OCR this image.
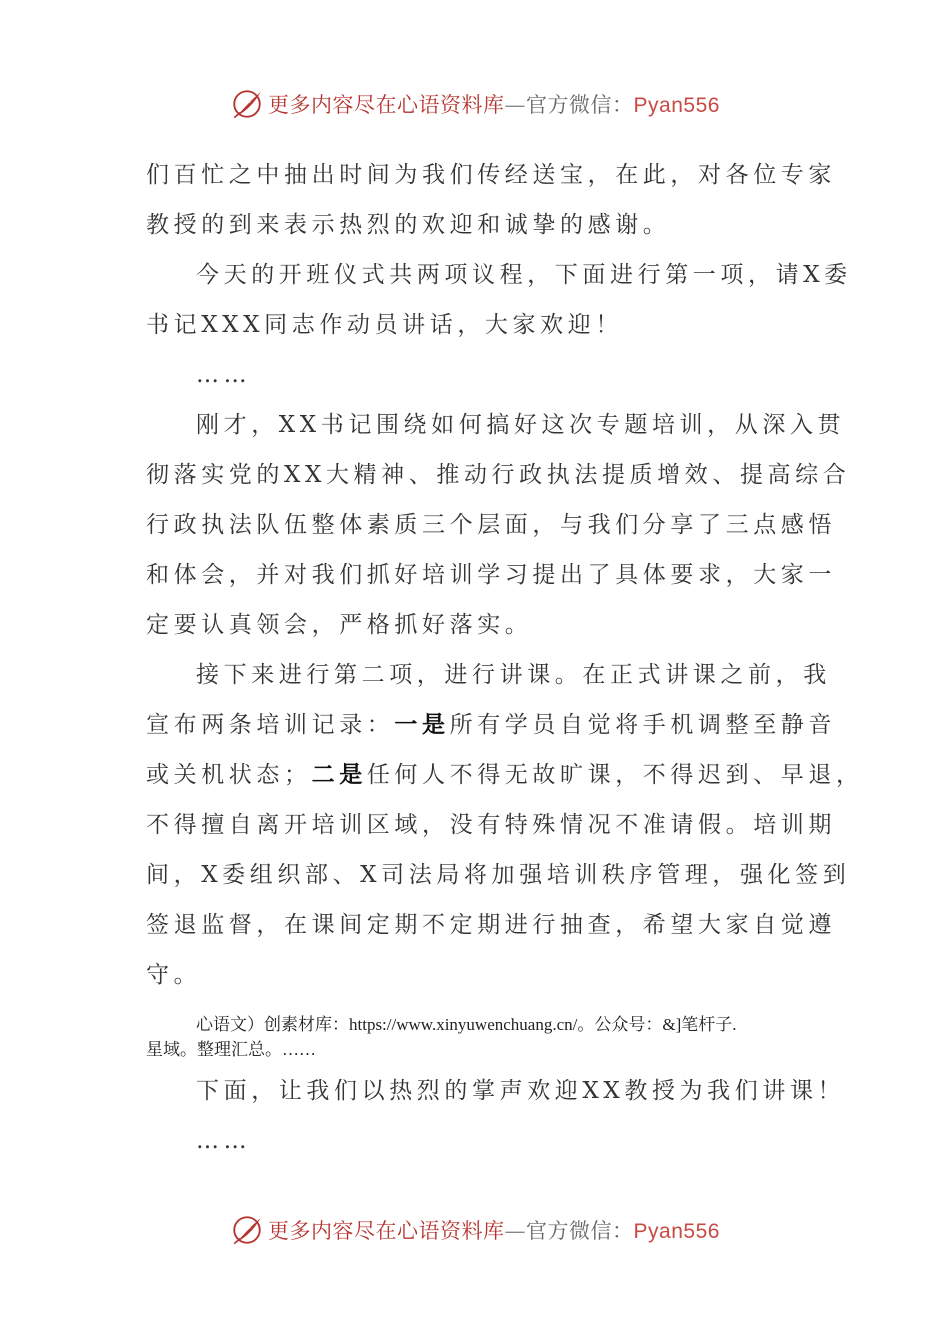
更多内容尽在心语资料库—官方微信：Pyan556
们百忙之中抽出时间为我们传经送宝，在此，对各位专家
教授的到来表示热烈的欢迎和诚挚的感谢。
今天的开班仪式共两项议程，下面进行第一项，请X委
书记XXX同志作动员讲话，大家欢迎！
……
刚才，XX书记围绕如何搞好这次专题培训，从深入贯
彻落实党的XX大精神、推动行政执法提质增效、提高综合
行政执法队伍整体素质三个层面，与我们分享了三点感悟
和体会，并对我们抓好培训学习提出了具体要求，大家一
定要认真领会，严格抓好落实。
接下来进行第二项，进行讲课。在正式讲课之前，我
宣布两条培训记录：一是所有学员自觉将手机调整至静音
或关机状态；二是任何人不得无故旷课，不得迟到、早退，
不得擅自离开培训区域，没有特殊情况不准请假。培训期
间，X委组织部、X司法局将加强培训秩序管理，强化签到
签退监督，在课间定期不定期进行抽查，希望大家自觉遵
守。
心语文）创素材库：https://www.xinyuwenchuang.cn/。公众号：&]笔杆子.
星域。整理汇总。……
下面，让我们以热烈的掌声欢迎XX教授为我们讲课！
……
更多内容尽在心语资料库—官方微信：Pyan556
